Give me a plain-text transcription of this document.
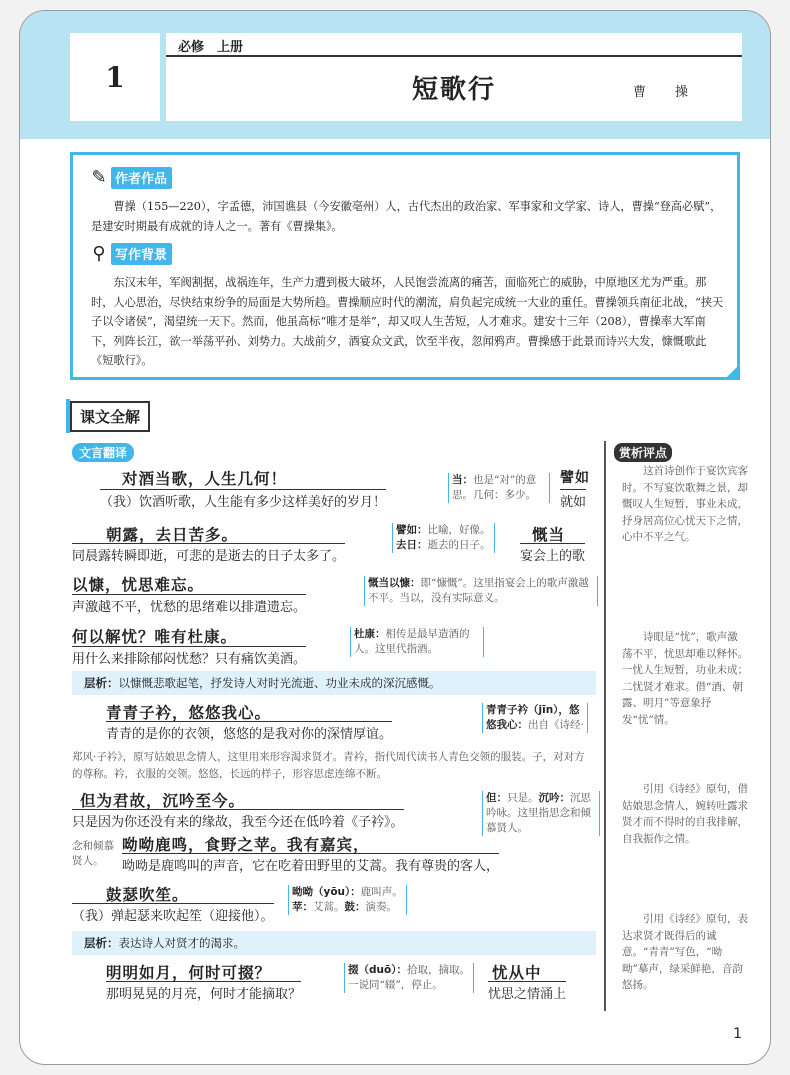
1
必修　上册
短歌行	曹　操
✎ 作者作品
曹操（155—220），字孟德，沛国谯县（今安徽亳州）人，古代杰出的政治家、军事家和文学家、诗人，曹操“登高必赋”，是建安时期最有成就的诗人之一。著有《曹操集》。
⚲ 写作背景
东汉末年，军阀割据，战祸连年，生产力遭到极大破坏，人民饱尝流离的痛苦，面临死亡的威胁，中原地区尤为严重。那时，人心思治，尽快结束纷争的局面是大势所趋。曹操顺应时代的潮流，肩负起完成统一大业的重任。曹操领兵南征北战，“挟天子以令诸侯”，渴望统一天下。然而，他虽高标“唯才是举”，却又叹人生苦短，人才难求。建安十三年（208），曹操率大军南下，列阵长江，欲一举荡平孙、刘势力。大战前夕，酒宴众文武，饮至半夜，忽闻鸦声。曹操感于此景而诗兴大发，慷慨歌此《短歌行》。
课文全解
文言翻译	赏析评点
这首诗创作于宴饮宾客时。不写宴饮歌舞之景，却慨叹人生短暂，事业未成，抒身居高位心忧天下之情，心中不平之气。
诗眼是“忧”，歌声激荡不平，忧思却难以释怀。一忧人生短暂，功业未成；二忧贤才难求。借“酒、朝露、明月”等意象抒发“忧”情。
引用《诗经》原句，借姑娘思念情人，婉转吐露求贤才而不得时的自我排解，自我振作之情。
引用《诗经》原句，表达求贤才既得后的诚意。“青青”写色，“呦呦”摹声，绿采鲜艳，音韵悠扬。
对酒当歌，人生几何！
（我）饮酒听歌，人生能有多少这样美好的岁月！
当：也是“对”的意思。几何：多少。
譬如
就如
朝露，去日苦多。
同晨露转瞬即逝，可悲的是逝去的日子太多了。
譬如：比喻，好像。
去日：逝去的日子。
慨当
宴会上的歌
以慷，忧思难忘。
声激越不平，忧愁的思绪难以排遣遗忘。
慨当以慷：即“慷慨”。这里指宴会上的歌声激越不平。当以，没有实际意义。
何以解忧？唯有杜康。
用什么来排除郁闷忧愁？只有痛饮美酒。
杜康：相传是最早造酒的人。这里代指酒。
层析：以慷慨悲歌起笔，抒发诗人对时光流逝、功业未成的深沉感慨。
青青子衿，悠悠我心。
青青的是你的衣领，悠悠的是我对你的深情厚谊。
青青子衿（jīn），悠
悠我心：出自《诗经·
郑风·子衿》，原写姑娘思念情人，这里用来形容渴求贤才。青衿，指代周代读书人青色交领的服装。子，对对方的尊称。衿，衣服的交领。悠悠，长远的样子，形容思虑连绵不断。
但为君故，沉吟至今。
只是因为你还没有来的缘故，我至今还在低吟着《子衿》。
但：只是。沉吟：沉思吟咏。这里指思念和倾慕贤人。
念和倾慕贤人。
呦呦鹿鸣，食野之苹。我有嘉宾，
呦呦是鹿鸣叫的声音，它在吃着田野里的艾蒿。我有尊贵的客人，
鼓瑟吹笙。
（我）弹起瑟来吹起笙（迎接他）。
呦呦（yōu）：鹿叫声。
苹：艾蒿。鼓：演奏。
层析：表达诗人对贤才的渴求。
明明如月，何时可掇？
那明晃晃的月亮，何时才能摘取？
掇（duō）：拾取，摘取。
一说同“辍”，停止。
忧从中
忧思之情涌上
1
